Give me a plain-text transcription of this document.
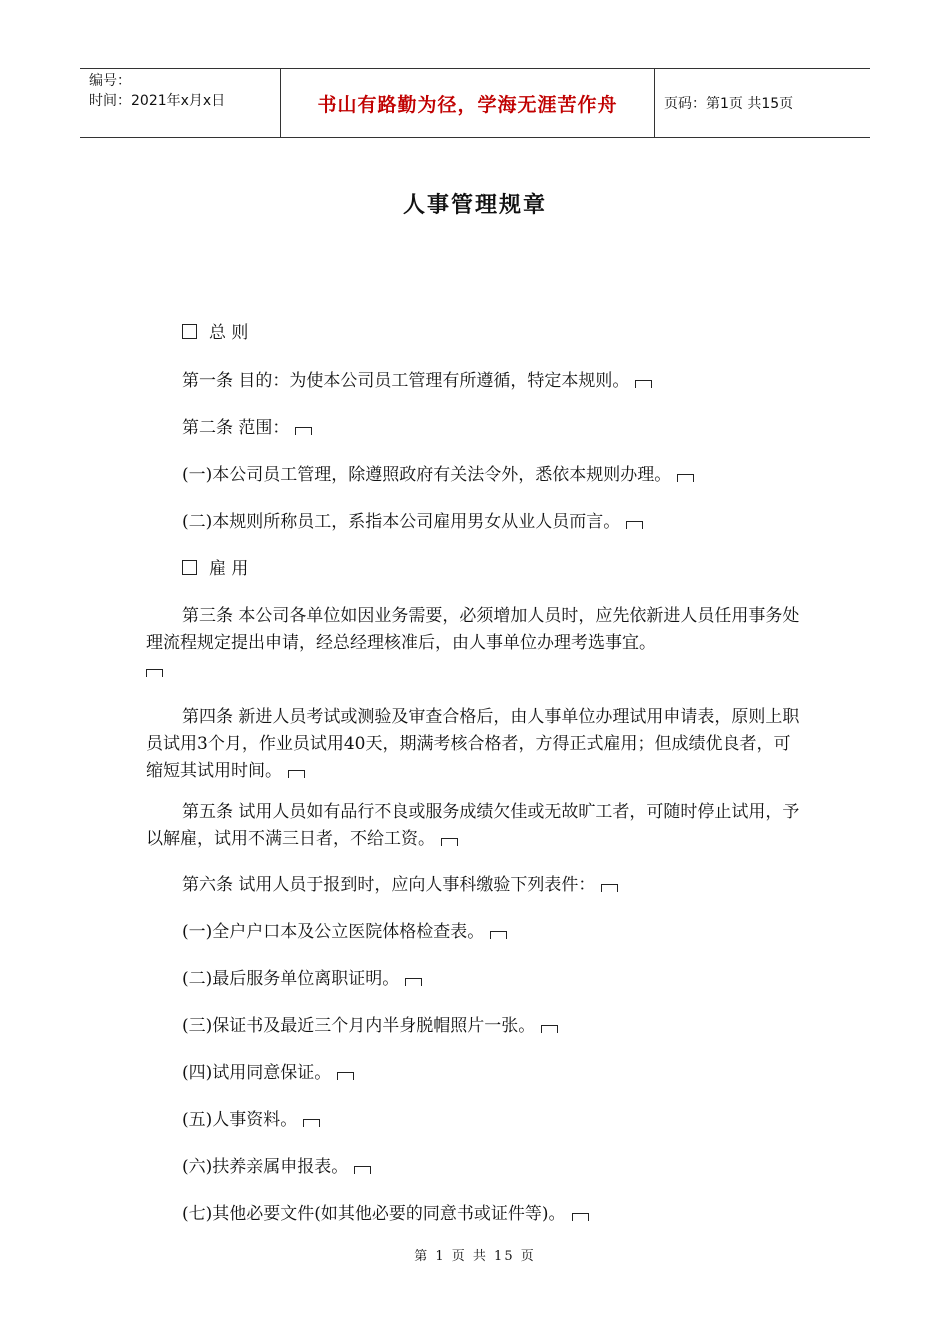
编号：
时间：2021年x月x日	书山有路勤为径，学海无涯苦作舟	页码：第1页 共15页
人事管理规章
总 则
第一条 目的：为使本公司员工管理有所遵循，特定本规则。
第二条 范围：
(一)本公司员工管理，除遵照政府有关法令外，悉依本规则办理。
(二)本规则所称员工，系指本公司雇用男女从业人员而言。
雇 用
第三条 本公司各单位如因业务需要，必须增加人员时，应先依新进人员任用事务处理流程规定提出申请，经总经理核准后，由人事单位办理考选事宜。

第四条 新进人员考试或测验及审查合格后，由人事单位办理试用申请表，原则上职员试用3个月，作业员试用40天，期满考核合格者，方得正式雇用；但成绩优良者，可缩短其试用时间。
第五条 试用人员如有品行不良或服务成绩欠佳或无故旷工者，可随时停止试用，予以解雇，试用不满三日者，不给工资。
第六条 试用人员于报到时，应向人事科缴验下列表件：
(一)全户户口本及公立医院体格检查表。
(二)最后服务单位离职证明。
(三)保证书及最近三个月内半身脱帽照片一张。
(四)试用同意保证。
(五)人事资料。
(六)扶养亲属申报表。
(七)其他必要文件(如其他必要的同意书或证件等)。
第 1 页 共 15 页
